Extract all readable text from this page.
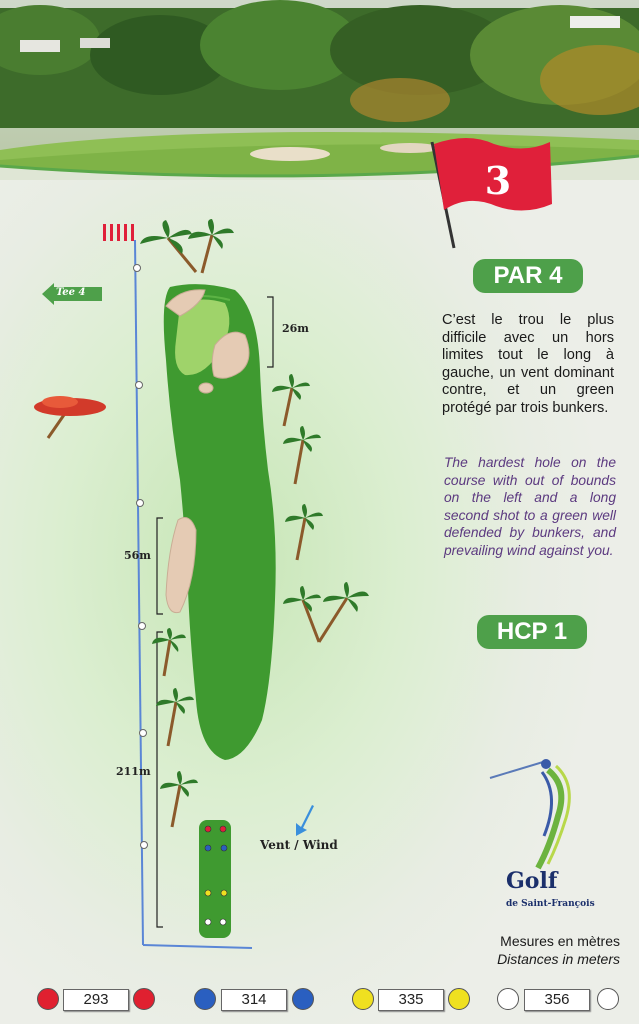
3
PAR 4
C’est le trou le plus difficile avec un hors limites tout le long à gauche, un vent dominant contre, et un green protégé par trois bunkers.
The hardest hole on the course with out of bounds on the left and a long second shot to a green well defended by bunkers, and prevailing wind against you.
HCP 1
Tee 4
26m
56m
211m
Vent / Wind
Golf
de Saint-François
Mesures en mètres
Distances in meters
293	314	335	356
